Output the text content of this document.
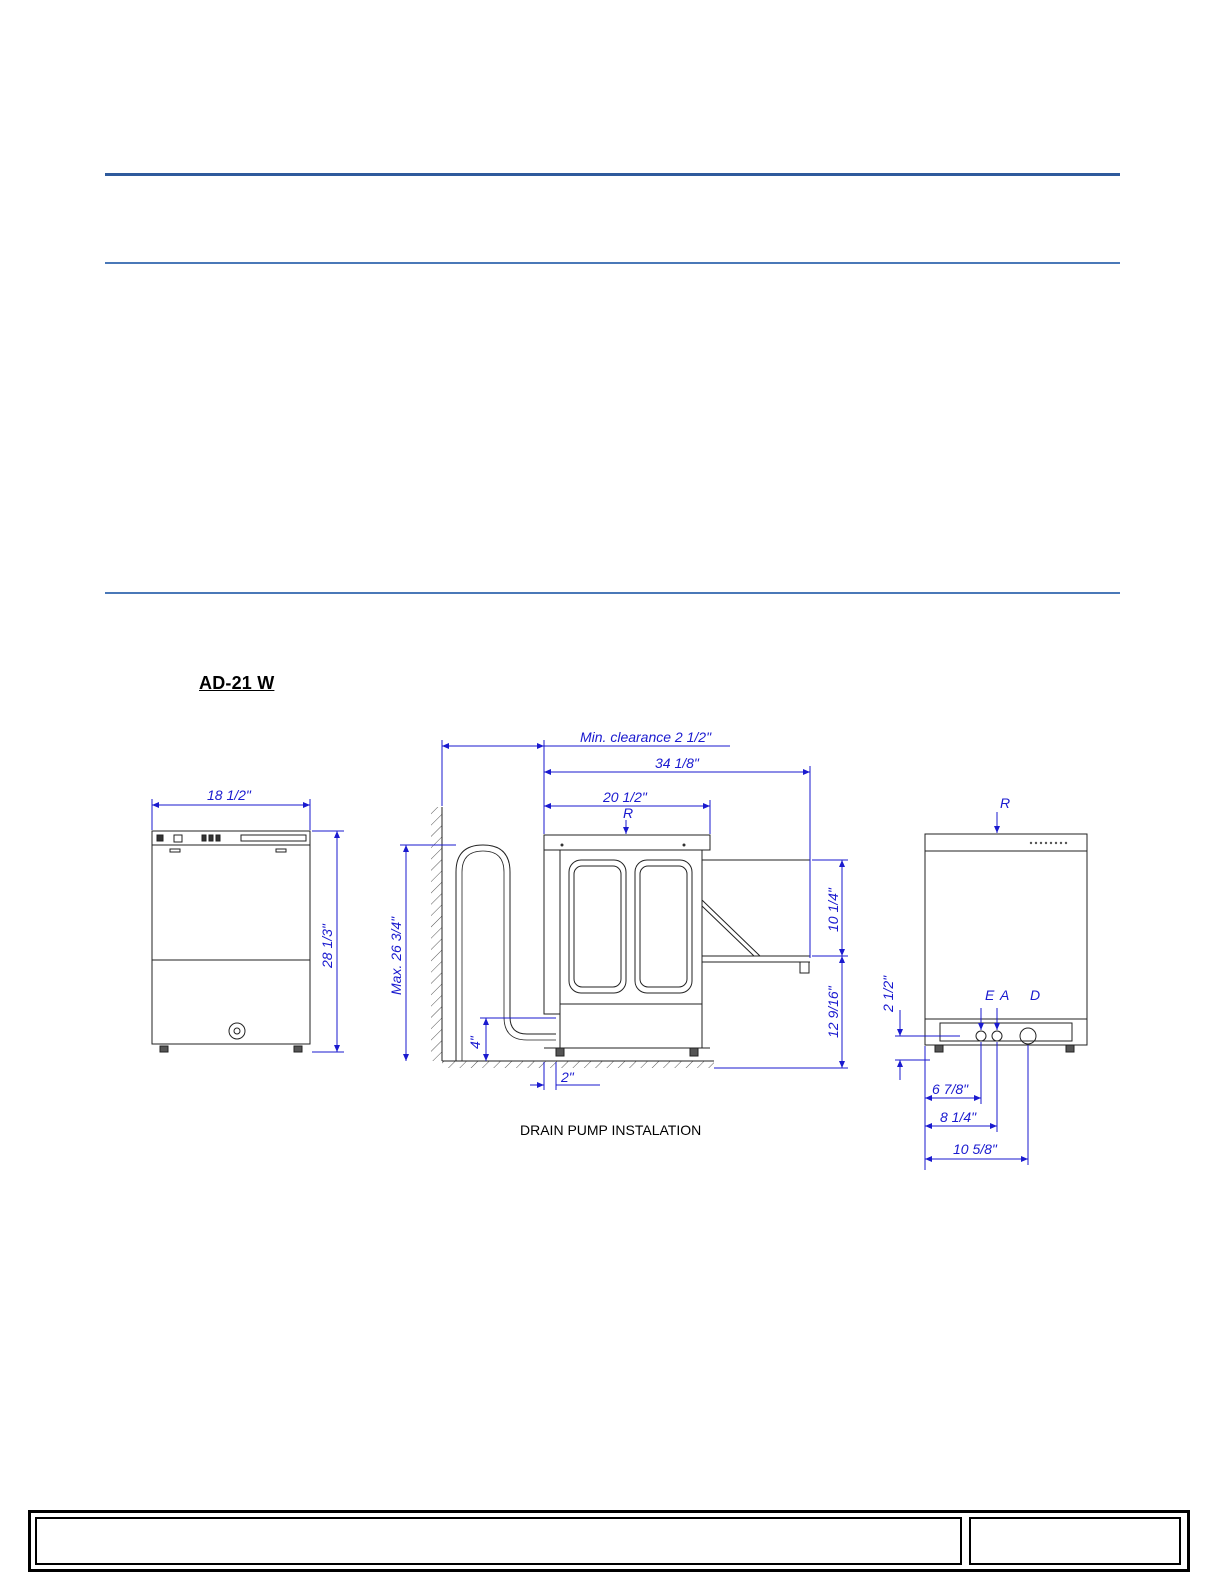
AD-21 W
18 1/2"
28 1/3"
Min. clearance 2 1/2"
34 1/8"
20 1/2"
R
Max. 26 3/4"
4"
2"
10 1/4"
12 9/16"
DRAIN PUMP INSTALATION
R
2 1/2"	E A D
6 7/8"
8 1/4"
10 5/8"
